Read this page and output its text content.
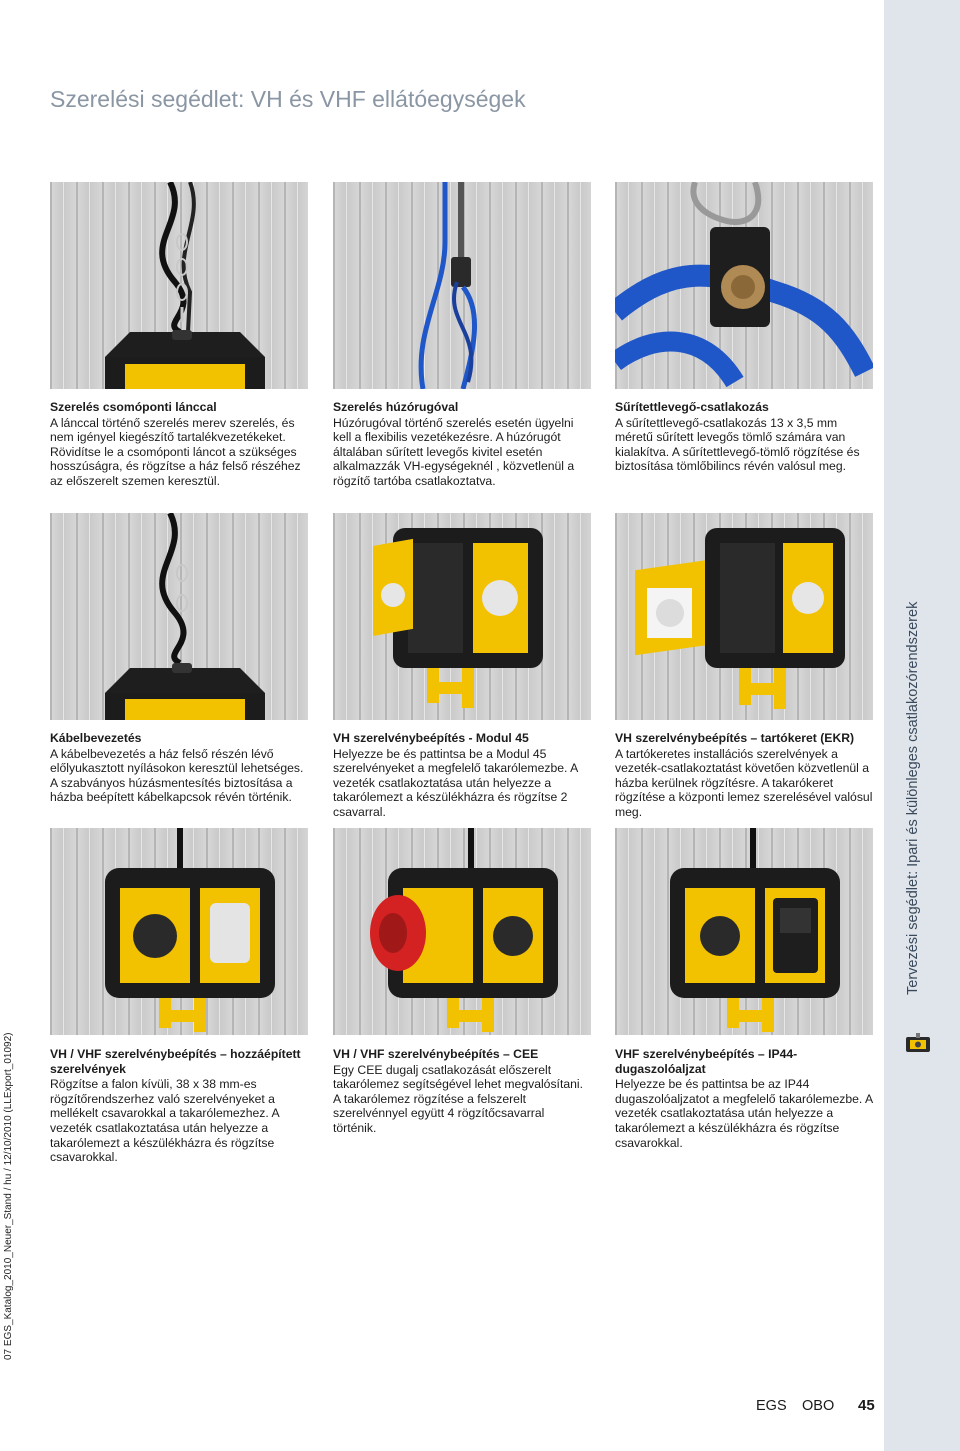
Tervezési segédlet: Ipari és különleges csatlakozórendszerek
07 EGS_Katalog_2010_Neuer_Stand / hu / 12/10/2010 (LLExport_01092)
Szerelési segédlet: VH és VHF ellátóegységek
Szerelés csomóponti lánccal

A lánccal történő szerelés merev szerelés, és nem igényel kiegészítő tartalékvezetékeket. Rövidítse le a csomóponti láncot a szükséges hosszúságra, és rögzítse a ház felső részéhez az előszerelt szemen keresztül.

Szerelés húzórugóval

Húzórugóval történő szerelés esetén ügyelni kell a flexibilis vezetékezésre. A húzórugót általában sűrített levegős kivitel esetén alkalmazzák VH-egységeknél , közvetlenül a rögzítő tartóba csatlakoztatva.

Sűrítettlevegő-csatlakozás

A sűrítettlevegő-csatlakozás 13 x 3,5 mm méretű sűrített levegős tömlő számára van kialakítva. A sűrítettlevegő-tömlő rögzítése és biztosítása tömlőbilincs révén valósul meg.

Kábelbevezetés

A kábelbevezetés a ház felső részén lévő előlyukasztott nyílásokon keresztül lehetséges. A szabványos húzásmentesítés biztosítása a házba beépített kábelkapcsok révén történik.

VH szerelvénybeépítés - Modul 45

Helyezze be és pattintsa be a Modul 45 szerelvényeket a megfelelő takarólemezbe. A vezeték csatlakoztatása után helyezze a takarólemezt a készülékházra és rögzítse 2 csavarral.

VH szerelvénybeépítés – tartókeret (EKR)

A tartókeretes installációs szerelvények a vezeték-csatlakoztatást követően közvetlenül a házba kerülnek rögzítésre. A takarókeret rögzítése a központi lemez szerelésével valósul meg.

VH / VHF szerelvénybeépítés – hozzáépített szerelvények

Rögzítse a falon kívüli, 38 x 38 mm-es rögzítőrendszerhez való szerelvényeket a mellékelt csavarokkal a takarólemezhez. A vezeték csatlakoztatása után helyezze a takarólemezt a készülékházra és rögzítse csavarokkal.

VH / VHF szerelvénybeépítés – CEE

Egy CEE dugalj csatlakozását előszerelt takarólemez segítségével lehet megvalósítani. A takarólemez rögzítése a felszerelt szerelvénnyel együtt 4 rögzítőcsavarral történik.

VHF szerelvénybeépítés – IP44-dugaszolóaljzat

Helyezze be és pattintsa be az IP44 dugaszolóaljzatot a megfelelő takarólemezbe. A vezeték csatlakoztatása után helyezze a takarólemezt a készülékházra és rögzítse csavarokkal.

EGS OBO 45
